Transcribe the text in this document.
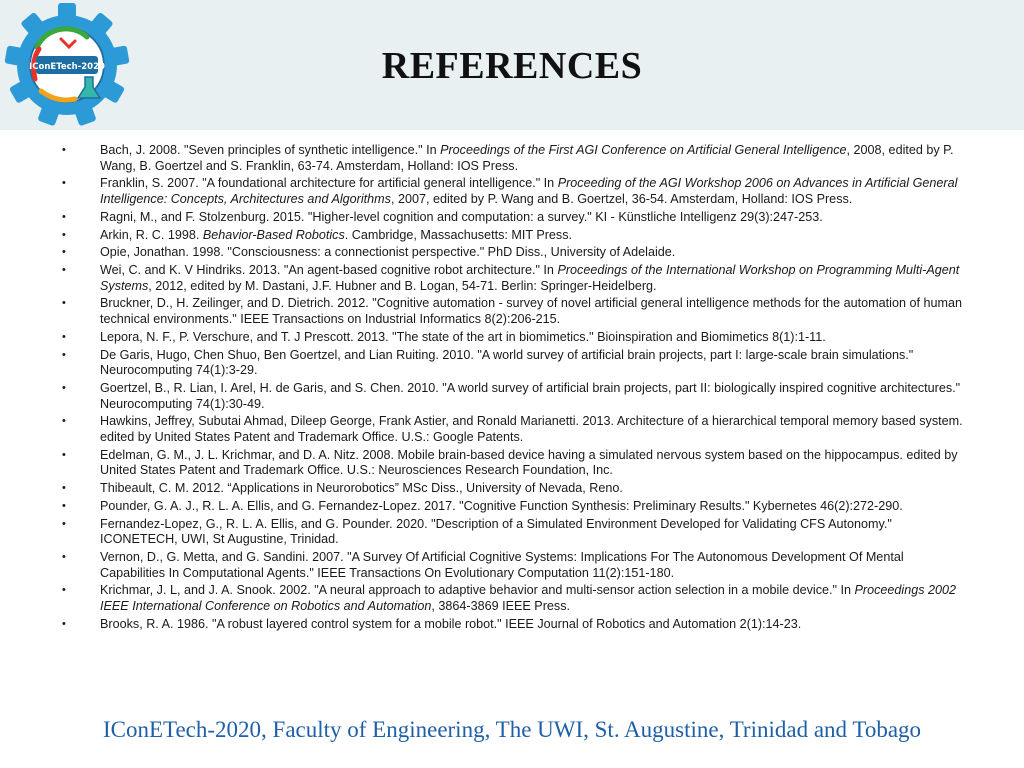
IConETech-2020	REFERENCES
•	Bach, J. 2008. "Seven principles of synthetic intelligence." In Proceedings of the First AGI Conference on Artificial General Intelligence, 2008, edited by P. Wang, B. Goertzel and S. Franklin, 63-74. Amsterdam, Holland: IOS Press.
•	Franklin, S. 2007. "A foundational architecture for artificial general intelligence." In Proceeding of the AGI Workshop 2006 on Advances in Artificial General Intelligence: Concepts, Architectures and Algorithms, 2007, edited by P. Wang and B. Goertzel, 36-54. Amsterdam, Holland: IOS Press.
•	Ragni, M., and F. Stolzenburg. 2015. "Higher-level cognition and computation: a survey." KI - Künstliche Intelligenz 29(3):247-253.
•	Arkin, R. C. 1998. Behavior-Based Robotics. Cambridge, Massachusetts: MIT Press.
•	Opie, Jonathan. 1998. "Consciousness: a connectionist perspective." PhD Diss., University of Adelaide.
•	Wei, C. and K. V Hindriks. 2013. "An agent-based cognitive robot architecture." In Proceedings of the International Workshop on Programming Multi-Agent Systems, 2012, edited by M. Dastani, J.F. Hubner and B. Logan, 54-71. Berlin: Springer-Heidelberg.
•	Bruckner, D., H. Zeilinger, and D. Dietrich. 2012. "Cognitive automation - survey of novel artificial general intelligence methods for the automation of human technical environments." IEEE Transactions on Industrial Informatics 8(2):206-215.
•	Lepora, N. F., P. Verschure, and T. J Prescott. 2013. "The state of the art in biomimetics." Bioinspiration and Biomimetics 8(1):1-11.
•	De Garis, Hugo, Chen Shuo, Ben Goertzel, and Lian Ruiting. 2010. "A world survey of artificial brain projects, part I: large-scale brain simulations." Neurocomputing 74(1):3-29.
•	Goertzel, B., R. Lian, I. Arel, H. de Garis, and S. Chen. 2010. "A world survey of artificial brain projects, part II: biologically inspired cognitive architectures." Neurocomputing 74(1):30-49.
•	Hawkins, Jeffrey, Subutai Ahmad, Dileep George, Frank Astier, and Ronald Marianetti. 2013. Architecture of a hierarchical temporal memory based system. edited by United States Patent and Trademark Office. U.S.: Google Patents.
•	Edelman, G. M., J. L. Krichmar, and D. A. Nitz. 2008. Mobile brain-based device having a simulated nervous system based on the hippocampus. edited by United States Patent and Trademark Office. U.S.: Neurosciences Research Foundation, Inc.
•	Thibeault, C. M. 2012. “Applications in Neurorobotics” MSc Diss., University of Nevada, Reno.
•	Pounder, G. A. J., R. L. A. Ellis, and G. Fernandez-Lopez. 2017. "Cognitive Function Synthesis: Preliminary Results." Kybernetes 46(2):272-290.
•	Fernandez-Lopez, G., R. L. A. Ellis, and G. Pounder. 2020. "Description of a Simulated Environment Developed for Validating CFS Autonomy." ICONETECH, UWI, St Augustine, Trinidad.
•	Vernon, D., G. Metta, and G. Sandini. 2007. "A Survey Of Artificial Cognitive Systems: Implications For The Autonomous Development Of Mental Capabilities In Computational Agents." IEEE Transactions On Evolutionary Computation 11(2):151-180.
•	Krichmar, J. L, and J. A. Snook. 2002. "A neural approach to adaptive behavior and multi-sensor action selection in a mobile device." In Proceedings 2002 IEEE International Conference on Robotics and Automation, 3864-3869 IEEE Press.
•	Brooks, R. A. 1986. "A robust layered control system for a mobile robot." IEEE Journal of Robotics and Automation 2(1):14-23.
IConETech-2020, Faculty of Engineering, The UWI, St. Augustine, Trinidad and Tobago
